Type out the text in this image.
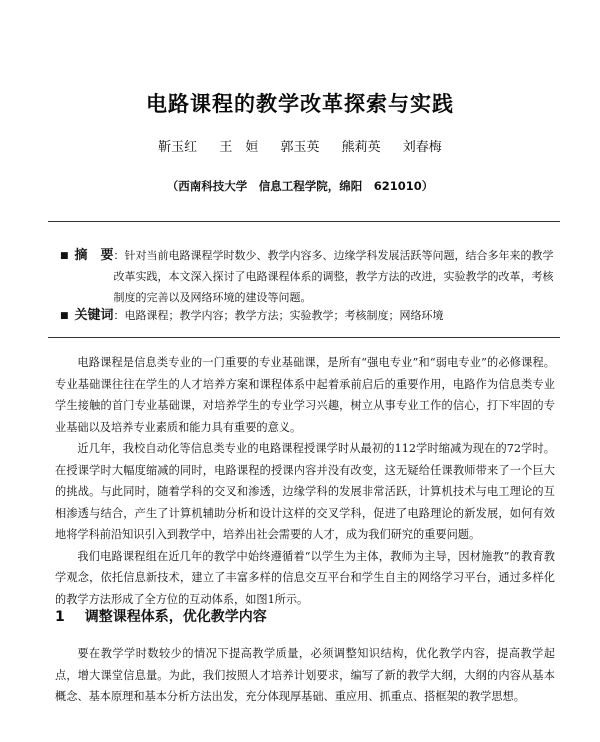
电路课程的教学改革探索与实践
靳玉红 王　姮 郭玉英 熊莉英 刘春梅
（西南科技大学　信息工程学院，绵阳　621010）
■ 摘　要 ：针对当前电路课程学时数少、教学内容多、边缘学科发展活跃等问题，结合多年来的教学改革实践，本文深入探讨了电路课程体系的调整，教学方法的改进，实验教学的改革，考核制度的完善以及网络环境的建设等问题。
■ 关键词 ：电路课程；教学内容；教学方法；实验教学；考核制度；网络环境

电路课程是信息类专业的一门重要的专业基础课，是所有“强电专业”和“弱电专业”的必修课程。专业基础课往往在学生的人才培养方案和课程体系中起着承前启后的重要作用，电路作为信息类专业学生接触的首门专业基础课，对培养学生的专业学习兴趣，树立从事专业工作的信心，打下牢固的专业基础以及培养专业素质和能力具有重要的意义。

近几年，我校自动化等信息类专业的电路课程授课学时从最初的112学时缩减为现在的72学时。在授课学时大幅度缩减的同时，电路课程的授课内容并没有改变，这无疑给任课教师带来了一个巨大的挑战。与此同时，随着学科的交叉和渗透，边缘学科的发展非常活跃，计算机技术与电工理论的互相渗透与结合，产生了计算机辅助分析和设计这样的交叉学科，促进了电路理论的新发展，如何有效地将学科前沿知识引入到教学中，培养出社会需要的人才，成为我们研究的重要问题。

我们电路课程组在近几年的教学中始终遵循着“以学生为主体，教师为主导，因材施教”的教育教学观念，依托信息新技术，建立了丰富多样的信息交互平台和学生自主的网络学习平台，通过多样化的教学方法形成了全方位的互动体系，如图1所示。

1 调整课程体系，优化教学内容

要在教学学时数较少的情况下提高教学质量，必须调整知识结构，优化教学内容，提高教学起点，增大课堂信息量。为此，我们按照人才培养计划要求，编写了新的教学大纲，大纲的内容从基本概念、基本原理和基本分析方法出发，充分体现厚基础、重应用、抓重点、搭框架的教学思想。
